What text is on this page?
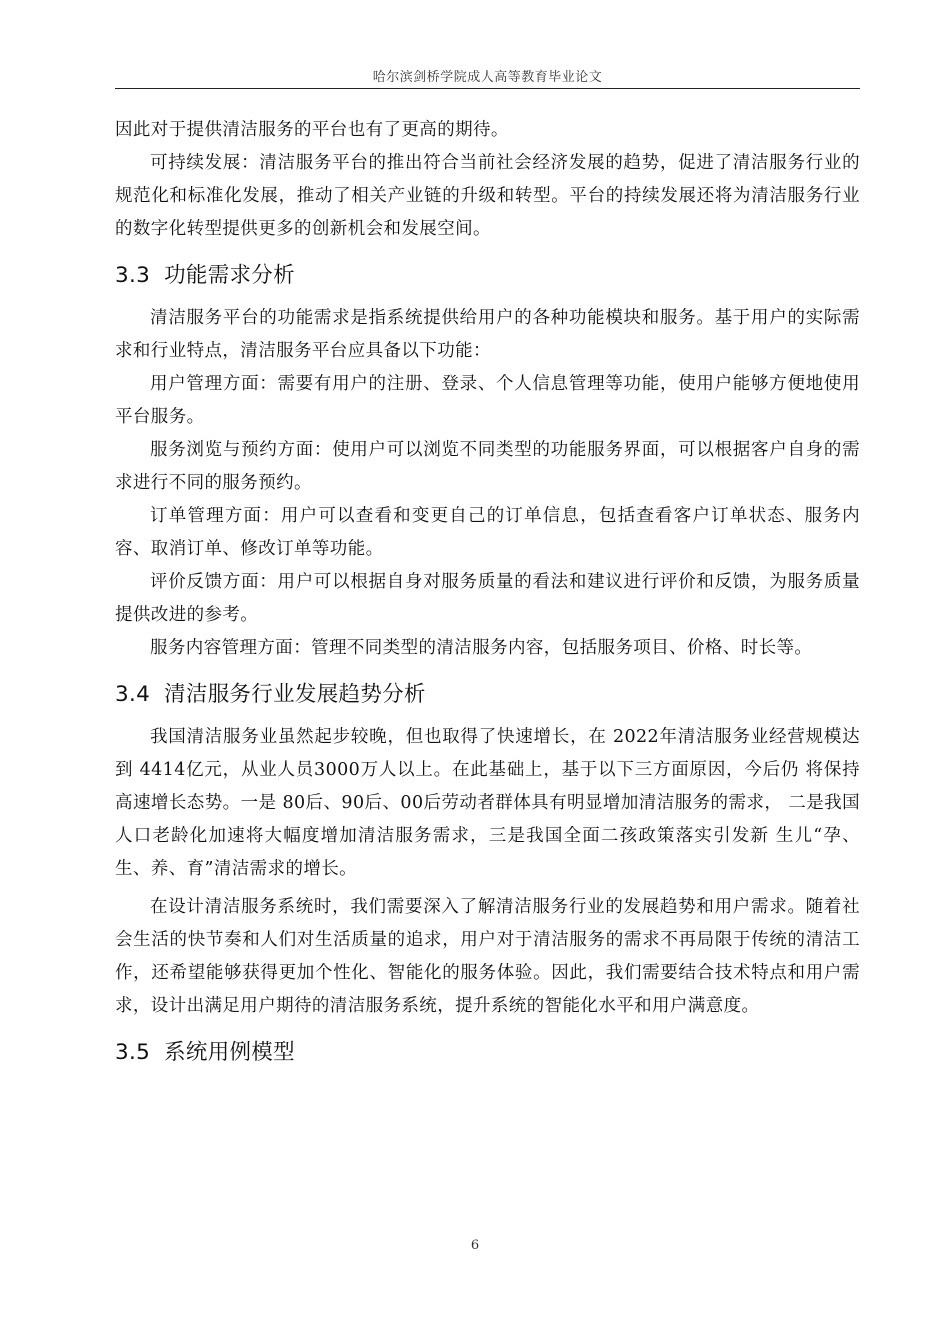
哈尔滨剑桥学院成人高等教育毕业论文

因此对于提供清洁服务的平台也有了更高的期待。

可持续发展：清洁服务平台的推出符合当前社会经济发展的趋势，促进了清洁服务行业的规范化和标准化发展，推动了相关产业链的升级和转型。平台的持续发展还将为清洁服务行业的数字化转型提供更多的创新机会和发展空间。

3.3 功能需求分析

清洁服务平台的功能需求是指系统提供给用户的各种功能模块和服务。基于用户的实际需求和行业特点，清洁服务平台应具备以下功能：

用户管理方面：需要有用户的注册、登录、个人信息管理等功能，使用户能够方便地使用平台服务。

服务浏览与预约方面：使用户可以浏览不同类型的功能服务界面，可以根据客户自身的需求进行不同的服务预约。

订单管理方面：用户可以查看和变更自己的订单信息，包括查看客户订单状态、服务内容、取消订单、修改订单等功能。

评价反馈方面：用户可以根据自身对服务质量的看法和建议进行评价和反馈，为服务质量提供改进的参考。

服务内容管理方面：管理不同类型的清洁服务内容，包括服务项目、价格、时长等。

3.4 清洁服务行业发展趋势分析

我国清洁服务业虽然起步较晚，但也取得了快速增长，在 2022年清洁服务业经营规模达到 4414亿元，从业人员3000万人以上。在此基础上，基于以下三方面原因，今后仍 将保持高速增长态势。一是 80后、90后、00后劳动者群体具有明显增加清洁服务的需求， 二是我国人口老龄化加速将大幅度增加清洁服务需求，三是我国全面二孩政策落实引发新 生儿“孕、生、养、育”清洁需求的增长。

在设计清洁服务系统时，我们需要深入了解清洁服务行业的发展趋势和用户需求。随着社会生活的快节奏和人们对生活质量的追求，用户对于清洁服务的需求不再局限于传统的清洁工作，还希望能够获得更加个性化、智能化的服务体验。因此，我们需要结合技术特点和用户需求，设计出满足用户期待的清洁服务系统，提升系统的智能化水平和用户满意度。

3.5 系统用例模型
6
